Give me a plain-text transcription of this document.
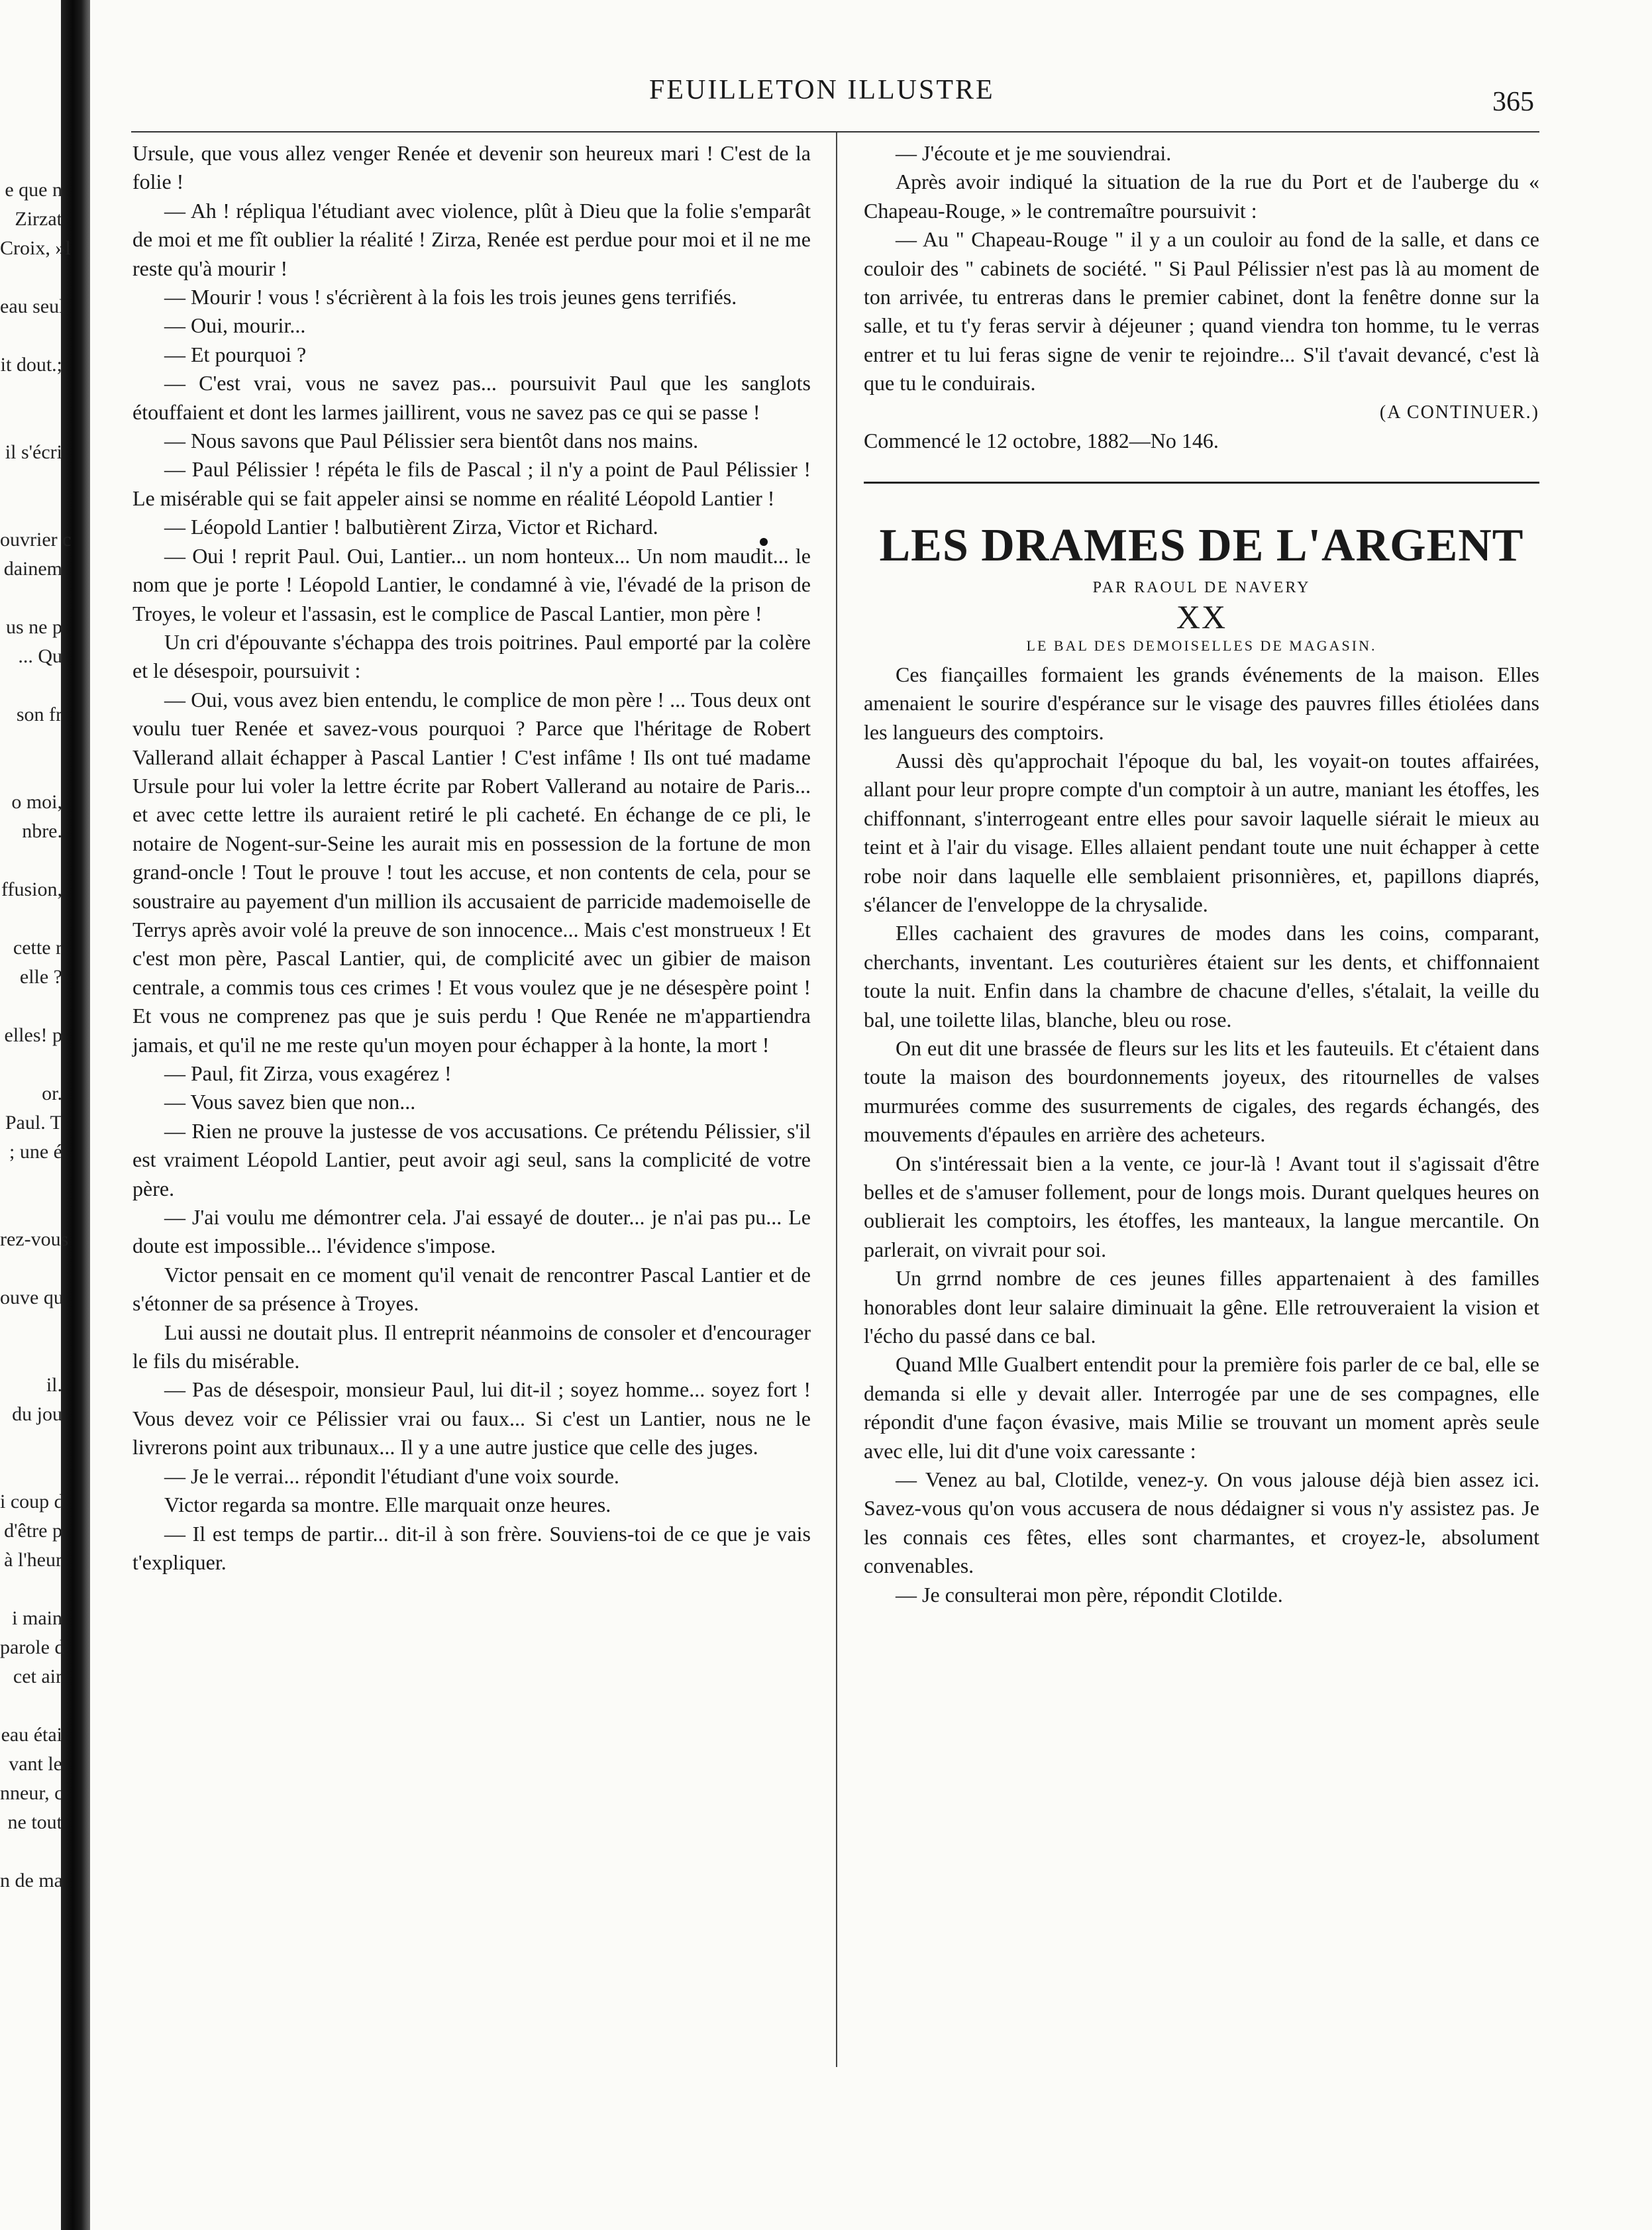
e que n
Zirzat
Croix, »l
eau seul
it dout.;
il s'écri
ouvrier c
dainem
us ne p
... Qu
son fr
o moi,
nbre.
ffusion,
cette r
elle ?
elles! p
or.
Paul. T
; une é
rez-vous
ouve qu
il.
du jou
i coup d
d'être p
à l'heur
i main
parole d
cet air
eau étai
vant le
nneur, c
ne tout
n de ma
FEUILLETON ILLUSTRE	365

Ursule, que vous allez venger Renée et devenir son heureux mari ! C'est de la folie !

— Ah ! répliqua l'étudiant avec violence, plût à Dieu que la folie s'emparât de moi et me fît oublier la réalité ! Zirza, Renée est perdue pour moi et il ne me reste qu'à mourir !

— Mourir ! vous ! s'écrièrent à la fois les trois jeunes gens terrifiés.

— Oui, mourir...

— Et pourquoi ?

— C'est vrai, vous ne savez pas... poursuivit Paul que les sanglots étouffaient et dont les larmes jaillirent, vous ne savez pas ce qui se passe !

— Nous savons que Paul Pélissier sera bientôt dans nos mains.

— Paul Pélissier ! répéta le fils de Pascal ; il n'y a point de Paul Pélissier ! Le misérable qui se fait appeler ainsi se nomme en réalité Léopold Lantier !

— Léopold Lantier ! balbutièrent Zirza, Victor et Richard.

— Oui ! reprit Paul. Oui, Lantier... un nom honteux... Un nom maudit... le nom que je porte ! Léopold Lantier, le condamné à vie, l'évadé de la prison de Troyes, le voleur et l'assasin, est le complice de Pascal Lantier, mon père !

Un cri d'épouvante s'échappa des trois poitrines. Paul emporté par la colère et le désespoir, poursuivit :

— Oui, vous avez bien entendu, le complice de mon père ! ... Tous deux ont voulu tuer Renée et savez-vous pourquoi ? Parce que l'héritage de Robert Vallerand allait échapper à Pascal Lantier ! C'est infâme ! Ils ont tué madame Ursule pour lui voler la lettre écrite par Robert Vallerand au notaire de Paris... et avec cette lettre ils auraient retiré le pli cacheté. En échange de ce pli, le notaire de Nogent-sur-Seine les aurait mis en possession de la fortune de mon grand-oncle ! Tout le prouve ! tout les accuse, et non contents de cela, pour se soustraire au payement d'un million ils accusaient de parricide mademoiselle de Terrys après avoir volé la preuve de son innocence... Mais c'est monstrueux ! Et c'est mon père, Pascal Lantier, qui, de complicité avec un gibier de maison centrale, a commis tous ces crimes ! Et vous voulez que je ne désespère point ! Et vous ne comprenez pas que je suis perdu ! Que Renée ne m'appartiendra jamais, et qu'il ne me reste qu'un moyen pour échapper à la honte, la mort !

— Paul, fit Zirza, vous exagérez !

— Vous savez bien que non...

— Rien ne prouve la justesse de vos accusations. Ce prétendu Pélissier, s'il est vraiment Léopold Lantier, peut avoir agi seul, sans la complicité de votre père.

— J'ai voulu me démontrer cela. J'ai essayé de douter... je n'ai pas pu... Le doute est impossible... l'évidence s'impose.

Victor pensait en ce moment qu'il venait de rencontrer Pascal Lantier et de s'étonner de sa présence à Troyes.

Lui aussi ne doutait plus. Il entreprit néanmoins de consoler et d'encourager le fils du misérable.

— Pas de désespoir, monsieur Paul, lui dit-il ; soyez homme... soyez fort ! Vous devez voir ce Pélissier vrai ou faux... Si c'est un Lantier, nous ne le livrerons point aux tribunaux... Il y a une autre justice que celle des juges.

— Je le verrai... répondit l'étudiant d'une voix sourde.

Victor regarda sa montre. Elle marquait onze heures.

— Il est temps de partir... dit-il à son frère. Souviens-toi de ce que je vais t'expliquer.

— J'écoute et je me souviendrai.

Après avoir indiqué la situation de la rue du Port et de l'auberge du « Chapeau-Rouge, » le contremaître poursuivit :

— Au " Chapeau-Rouge " il y a un couloir au fond de la salle, et dans ce couloir des " cabinets de société. " Si Paul Pélissier n'est pas là au moment de ton arrivée, tu entreras dans le premier cabinet, dont la fenêtre donne sur la salle, et tu t'y feras servir à déjeuner ; quand viendra ton homme, tu le verras entrer et tu lui feras signe de venir te rejoindre... S'il t'avait devancé, c'est là que tu le conduirais.

(A CONTINUER.)

Commencé le 12 octobre, 1882—No 146.

LES DRAMES DE L'ARGENT

PAR RAOUL DE NAVERY

XX

LE BAL DES DEMOISELLES DE MAGASIN.

Ces fiançailles formaient les grands événements de la maison. Elles amenaient le sourire d'espérance sur le visage des pauvres filles étiolées dans les langueurs des comptoirs.

Aussi dès qu'approchait l'époque du bal, les voyait-on toutes affairées, allant pour leur propre compte d'un comptoir à un autre, maniant les étoffes, les chiffonnant, s'interrogeant entre elles pour savoir laquelle siérait le mieux au teint et à l'air du visage. Elles allaient pendant toute une nuit échapper à cette robe noir dans laquelle elle semblaient prisonnières, et, papillons diaprés, s'élancer de l'enveloppe de la chrysalide.

Elles cachaient des gravures de modes dans les coins, comparant, cherchants, inventant. Les couturières étaient sur les dents, et chiffonnaient toute la nuit. Enfin dans la chambre de chacune d'elles, s'étalait, la veille du bal, une toilette lilas, blanche, bleu ou rose.

On eut dit une brassée de fleurs sur les lits et les fauteuils. Et c'étaient dans toute la maison des bourdonnements joyeux, des ritournelles de valses murmurées comme des susurrements de cigales, des regards échangés, des mouvements d'épaules en arrière des acheteurs.

On s'intéressait bien a la vente, ce jour-là ! Avant tout il s'agissait d'être belles et de s'amuser follement, pour de longs mois. Durant quelques heures on oublierait les comptoirs, les étoffes, les manteaux, la langue mercantile. On parlerait, on vivrait pour soi.

Un grrnd nombre de ces jeunes filles appartenaient à des familles honorables dont leur salaire diminuait la gêne. Elle retrouveraient la vision et l'écho du passé dans ce bal.

Quand Mlle Gualbert entendit pour la première fois parler de ce bal, elle se demanda si elle y devait aller. Interrogée par une de ses compagnes, elle répondit d'une façon évasive, mais Milie se trouvant un moment après seule avec elle, lui dit d'une voix caressante :

— Venez au bal, Clotilde, venez-y. On vous jalouse déjà bien assez ici. Savez-vous qu'on vous accusera de nous dédaigner si vous n'y assistez pas. Je les connais ces fêtes, elles sont charmantes, et croyez-le, absolument convenables.

— Je consulterai mon père, répondit Clotilde.
